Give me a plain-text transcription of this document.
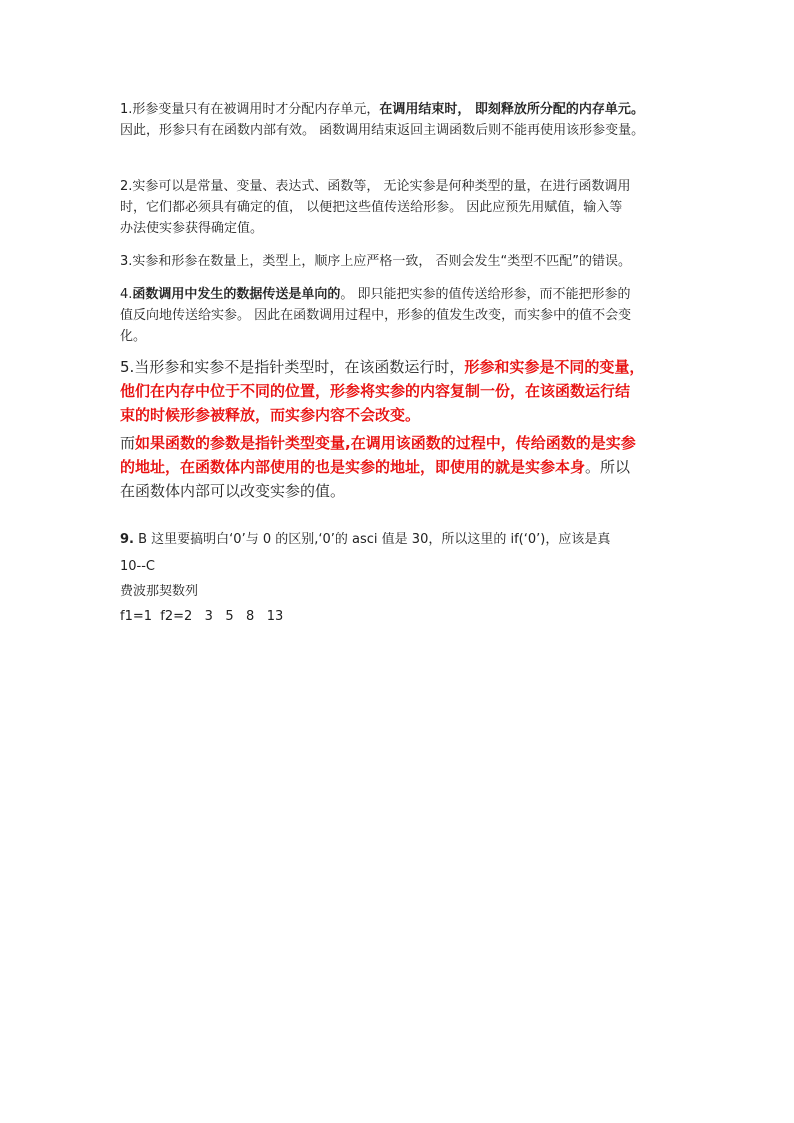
1.形参变量只有在被调用时才分配内存单元，在调用结束时， 即刻释放所分配的内存单元。
因此，形参只有在函数内部有效。 函数调用结束返回主调函数后则不能再使用该形参变量。
2.实参可以是常量、变量、表达式、函数等， 无论实参是何种类型的量，在进行函数调用
时，它们都必须具有确定的值， 以便把这些值传送给形参。 因此应预先用赋值，输入等
办法使实参获得确定值。
3.实参和形参在数量上，类型上，顺序上应严格一致， 否则会发生“类型不匹配”的错误。
4.函数调用中发生的数据传送是单向的。 即只能把实参的值传送给形参，而不能把形参的
值反向地传送给实参。 因此在函数调用过程中，形参的值发生改变，而实参中的值不会变
化。
5.当形参和实参不是指针类型时，在该函数运行时，形参和实参是不同的变量，
他们在内存中位于不同的位置，形参将实参的内容复制一份，在该函数运行结
束的时候形参被释放，而实参内容不会改变。
而如果函数的参数是指针类型变量,在调用该函数的过程中，传给函数的是实参
的地址，在函数体内部使用的也是实参的地址，即使用的就是实参本身。所以
在函数体内部可以改变实参的值。
9. B 这里要搞明白‘0’与 0 的区别,‘0’的 asci 值是 30，所以这里的 if(‘0’)，应该是真
10--C
费波那契数列
f1=1  f2=2   3   5   8   13
